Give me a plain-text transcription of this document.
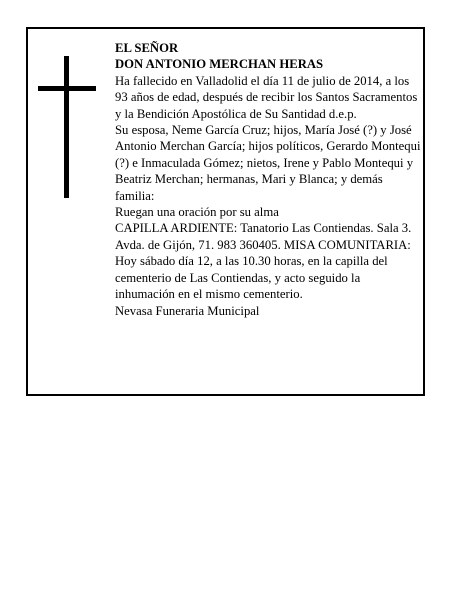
EL SEÑOR

DON ANTONIO MERCHAN HERAS

Ha fallecido en Valladolid el día 11 de julio de 2014, a los 93 años de edad, después de recibir los Santos Sacramentos y la Bendición Apostólica de Su Santidad d.e.p.

Su esposa, Neme García Cruz; hijos, María José (?) y José Antonio Merchan García; hijos políticos, Gerardo Montequi (?) e Inmaculada Gómez; nietos, Irene y Pablo Montequi y Beatriz Merchan; hermanas, Mari y Blanca; y demás familia:

Ruegan una oración por su alma

CAPILLA ARDIENTE: Tanatorio Las Contiendas. Sala 3. Avda. de Gijón, 71. 983 360405. MISA COMUNITARIA: Hoy sábado día 12, a las 10.30 horas, en la capilla del cementerio de Las Contiendas, y acto seguido la inhumación en el mismo cementerio.

Nevasa Funeraria Municipal
